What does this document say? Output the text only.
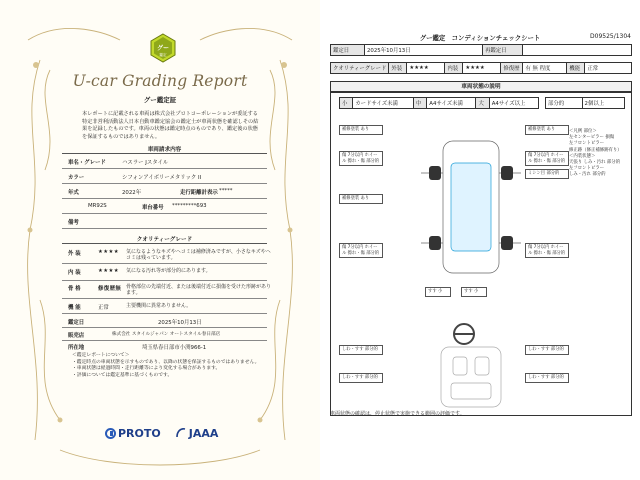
グー
鑑定
U-car Grading Report
グー鑑定証
本レポートに記載される車両は株式会社プロトコーポレーションが委託する特定非営利活動法人日本自動車鑑定協会の鑑定士が車両状態を確認しその結果を記録したものです。車両の状態は鑑定時点のものであり、鑑定後の状態を保証するものではありません。
車両請求内容
車名・グレード	ハスラー Jスタイル
カラー	シフォンアイボリーメタリック II
年式	2022年	走行距離計表示 *****
MR92S	車台番号 *********693
備考
クオリティーグレード
外 装	★★★★ 気になるようなキズやヘコミは補修済みですが、小さなキズやヘコミは残っています。
内 装	★★★★ 気になる汚れ等が部分的にあります。
骨 格	修復歴無 骨格部位の先端付近、または後端付近に損傷を受けた形跡があります。
機 能	正常	主要機関に異常ありません。
鑑定日	2025年10月13日
販売店	株式会社 スタイルジャパン オートスタイル春日部店
所在地	埼玉県春日部市小渕966-1
＜鑑定レポートについて＞
・鑑定時点の車両状態を示すものであり、以降の状態を保証するものではありません。
・車両状態は経過時間・走行距離等により変化する場合があります。
・評価については鑑定基準に基づくものです。
PROTO	JAAA
グー鑑定　コンディションチェックシート	D09525/1304
鑑定日	2025年10月13日	再鑑定日	
クオリティーグレード	外装	★★★★	内装	★★★★	修復歴	有 無 程度	機能	正常
車両状態の説明
小	カードサイズ未満	中	A4サイズ未満	大	A4サイズ以上	部分的	2個以上
補修塗装 あり	補修塗装 あり
傷 7分以内 ホイール 擦れ・傷 部分的
傷 7分以内 ホイール 擦れ・傷 部分的
補修塗装 あり
ミシン目 部分的
傷 7分以内 ホイール 擦れ・傷 部分的
傷 7分以内 ホイール 擦れ・傷 部分的
すす 小	すす 小
しわ・すす 部分的	しわ・すす 部分的
しわ・すす 部分的	しわ・すす 部分的
＜凡例 部位＞
左センターピラー 損傷
左フロントピラー
修正跡（修正補修跡有り）
＜内装状態＞
天張り しみ・汚れ 部分的
左フロントピラー
しみ・汚れ 部分的
車両状態の確認は、停止状態で実施できる範囲の評価です。
